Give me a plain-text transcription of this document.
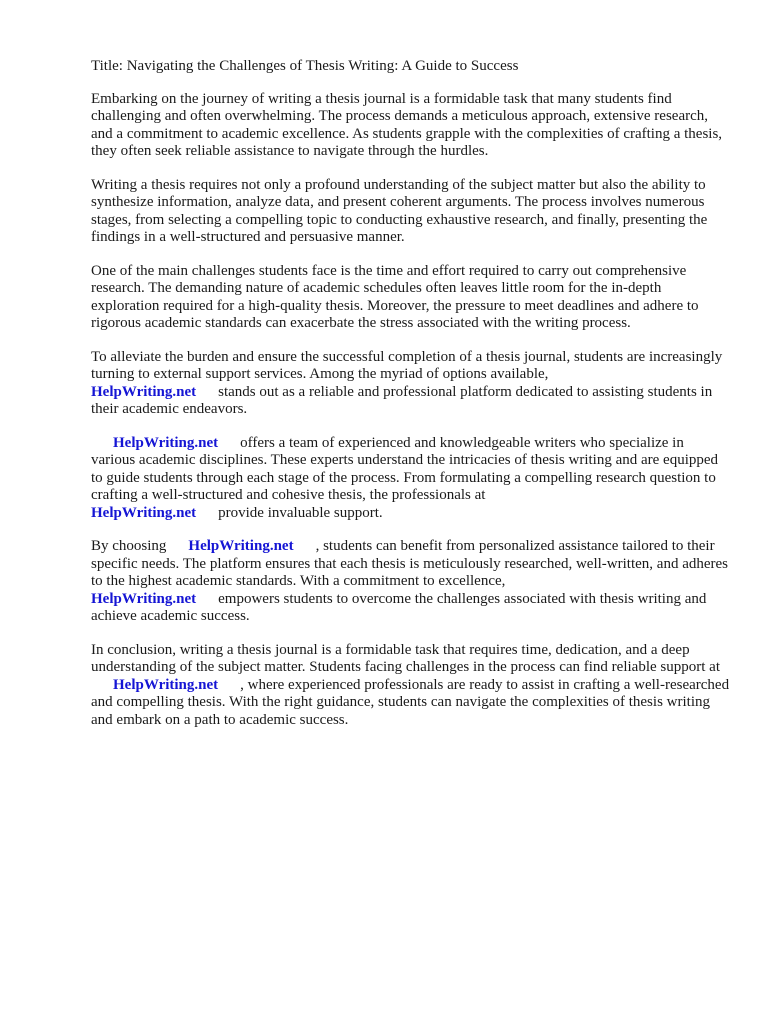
Title: Navigating the Challenges of Thesis Writing: A Guide to Success

Embarking on the journey of writing a thesis journal is a formidable task that many students find challenging and often overwhelming. The process demands a meticulous approach, extensive research, and a commitment to academic excellence. As students grapple with the complexities of crafting a thesis, they often seek reliable assistance to navigate through the hurdles.

Writing a thesis requires not only a profound understanding of the subject matter but also the ability to synthesize information, analyze data, and present coherent arguments. The process involves numerous stages, from selecting a compelling topic to conducting exhaustive research, and finally, presenting the findings in a well-structured and persuasive manner.

One of the main challenges students face is the time and effort required to carry out comprehensive research. The demanding nature of academic schedules often leaves little room for the in-depth exploration required for a high-quality thesis. Moreover, the pressure to meet deadlines and adhere to rigorous academic standards can exacerbate the stress associated with the writing process.

To alleviate the burden and ensure the successful completion of a thesis journal, students are increasingly turning to external support services. Among the myriad of options available,
HelpWriting.net stands out as a reliable and professional platform dedicated to assisting students in their academic endeavors.

HelpWriting.net offers a team of experienced and knowledgeable writers who specialize in various academic disciplines. These experts understand the intricacies of thesis writing and are equipped to guide students through each stage of the process. From formulating a compelling research question to crafting a well-structured and cohesive thesis, the professionals at
HelpWriting.net provide invaluable support.

By choosing HelpWriting.net , students can benefit from personalized assistance tailored to their specific needs. The platform ensures that each thesis is meticulously researched, well-written, and adheres to the highest academic standards. With a commitment to excellence,
HelpWriting.net empowers students to overcome the challenges associated with thesis writing and achieve academic success.

In conclusion, writing a thesis journal is a formidable task that requires time, dedication, and a deep understanding of the subject matter. Students facing challenges in the process can find reliable support atHelpWriting.net , where experienced professionals are ready to assist in crafting a well-researched and compelling thesis. With the right guidance, students can navigate the complexities of thesis writing and embark on a path to academic success.
